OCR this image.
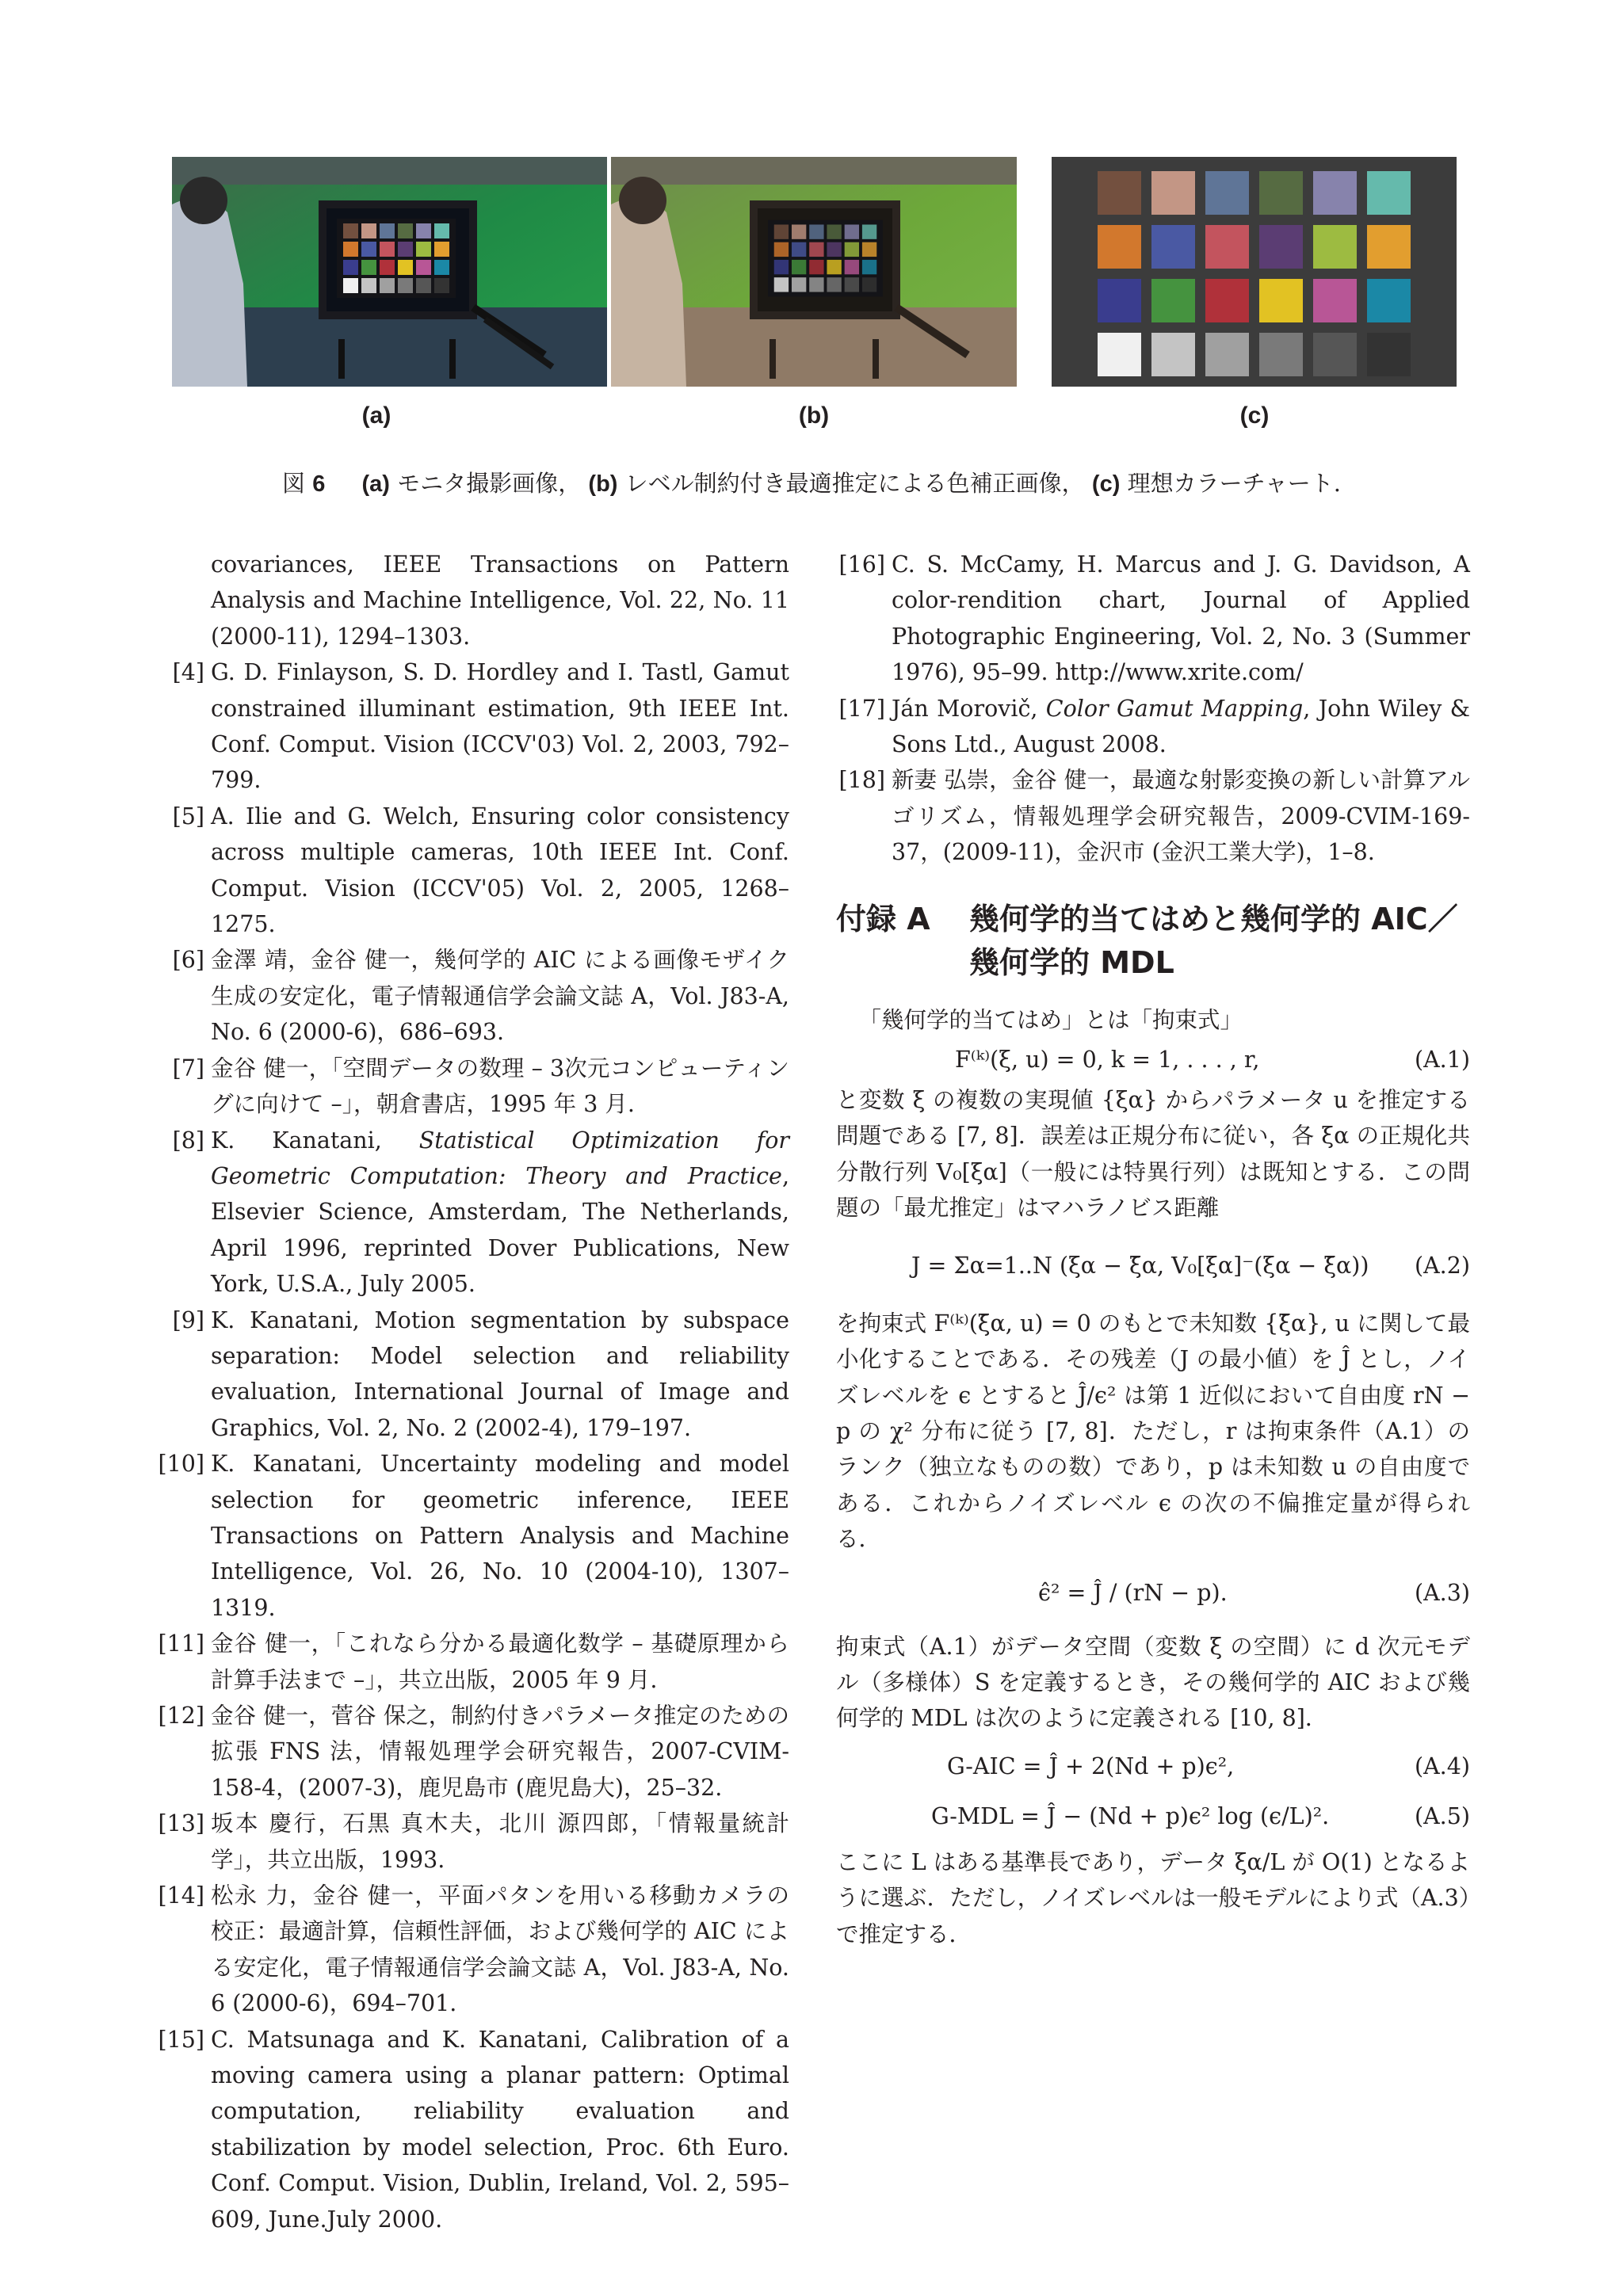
(a)	(b)	(c)
図 6 (a) モニタ撮影画像， (b) レベル制約付き最適推定による色補正画像， (c) 理想カラーチャート.
covariances, IEEE Transactions on Pattern Analysis and Machine Intelligence, Vol. 22, No. 11 (2000-11), 1294–1303.
[4] G. D. Finlayson, S. D. Hordley and I. Tastl, Gamut constrained illuminant estimation, 9th IEEE Int. Conf. Comput. Vision (ICCV'03) Vol. 2, 2003, 792–799.
[5] A. Ilie and G. Welch, Ensuring color consistency across multiple cameras, 10th IEEE Int. Conf. Comput. Vision (ICCV'05) Vol. 2, 2005, 1268–1275.
[6] 金澤 靖，金谷 健一，幾何学的 AIC による画像モザイク生成の安定化，電子情報通信学会論文誌 A，Vol. J83-A, No. 6 (2000-6)，686–693.
[7] 金谷 健一，「空間データの数理 – 3次元コンピューティングに向けて –」，朝倉書店，1995 年 3 月.
[8] K. Kanatani, Statistical Optimization for Geometric Computation: Theory and Practice, Elsevier Science, Amsterdam, The Netherlands, April 1996, reprinted Dover Publications, New York, U.S.A., July 2005.
[9] K. Kanatani, Motion segmentation by subspace separation: Model selection and reliability evaluation, International Journal of Image and Graphics, Vol. 2, No. 2 (2002-4), 179–197.
[10] K. Kanatani, Uncertainty modeling and model selection for geometric inference, IEEE Transactions on Pattern Analysis and Machine Intelligence, Vol. 26, No. 10 (2004-10), 1307–1319.
[11] 金谷 健一，「これなら分かる最適化数学 – 基礎原理から計算手法まで –」，共立出版，2005 年 9 月.
[12] 金谷 健一，菅谷 保之，制約付きパラメータ推定のための拡張 FNS 法，情報処理学会研究報告，2007-CVIM-158-4，(2007-3)，鹿児島市 (鹿児島大)，25–32.
[13] 坂本 慶行，石黒 真木夫，北川 源四郎，「情報量統計学」，共立出版，1993.
[14] 松永 力，金谷 健一，平面パタンを用いる移動カメラの校正：最適計算，信頼性評価，および幾何学的 AIC による安定化，電子情報通信学会論文誌 A，Vol. J83-A, No. 6 (2000-6)，694–701.
[15] C. Matsunaga and K. Kanatani, Calibration of a moving camera using a planar pattern: Optimal computation, reliability evaluation and stabilization by model selection, Proc. 6th Euro. Conf. Comput. Vision, Dublin, Ireland, Vol. 2, 595–609, June.July 2000.
[16] C. S. McCamy, H. Marcus and J. G. Davidson, A color-rendition chart, Journal of Applied Photographic Engineering, Vol. 2, No. 3 (Summer 1976), 95–99. http://www.xrite.com/
[17] Ján Morovič, Color Gamut Mapping, John Wiley & Sons Ltd., August 2008.
[18] 新妻 弘崇，金谷 健一，最適な射影変換の新しい計算アルゴリズム，情報処理学会研究報告，2009-CVIM-169-37，(2009-11)，金沢市 (金沢工業大学)，1–8.
付録 A 幾何学的当てはめと幾何学的 AIC／
幾何学的 MDL
「幾何学的当てはめ」とは「拘束式」
F⁽ᵏ⁾(ξ, u) = 0, k = 1, . . . , r,	(A.1)
と変数 ξ の複数の実現値 {ξα} からパラメータ u を推定する問題である [7, 8]．誤差は正規分布に従い，各 ξα の正規化共分散行列 V₀[ξα]（一般には特異行列）は既知とする．この問題の「最尤推定」はマハラノビス距離
J = Σα=1..N (ξα − ξ̄α, V₀[ξα]⁻(ξα − ξ̄α)) (A.2)
を拘束式 F⁽ᵏ⁾(ξ̄α, u) = 0 のもとで未知数 {ξ̄α}, u に関して最小化することである．その残差（J の最小値）を Ĵ とし，ノイズレベルを ϵ とすると Ĵ/ϵ² は第 1 近似において自由度 rN − p の χ² 分布に従う [7, 8]．ただし，r は拘束条件（A.1）のランク（独立なものの数）であり，p は未知数 u の自由度である．これからノイズレベル ϵ の次の不偏推定量が得られる．
ϵ̂² = Ĵ / (rN − p).	(A.3)
拘束式（A.1）がデータ空間（変数 ξ の空間）に d 次元モデル（多様体）S を定義するとき，その幾何学的 AIC および幾何学的 MDL は次のように定義される [10, 8]．
G-AIC = Ĵ + 2(Nd + p)ϵ²,	(A.4)
G-MDL = Ĵ − (Nd + p)ϵ² log (ϵ/L)².	(A.5)
ここに L はある基準長であり，データ ξα/L が O(1) となるように選ぶ．ただし，ノイズレベルは一般モデルにより式（A.3）で推定する．
